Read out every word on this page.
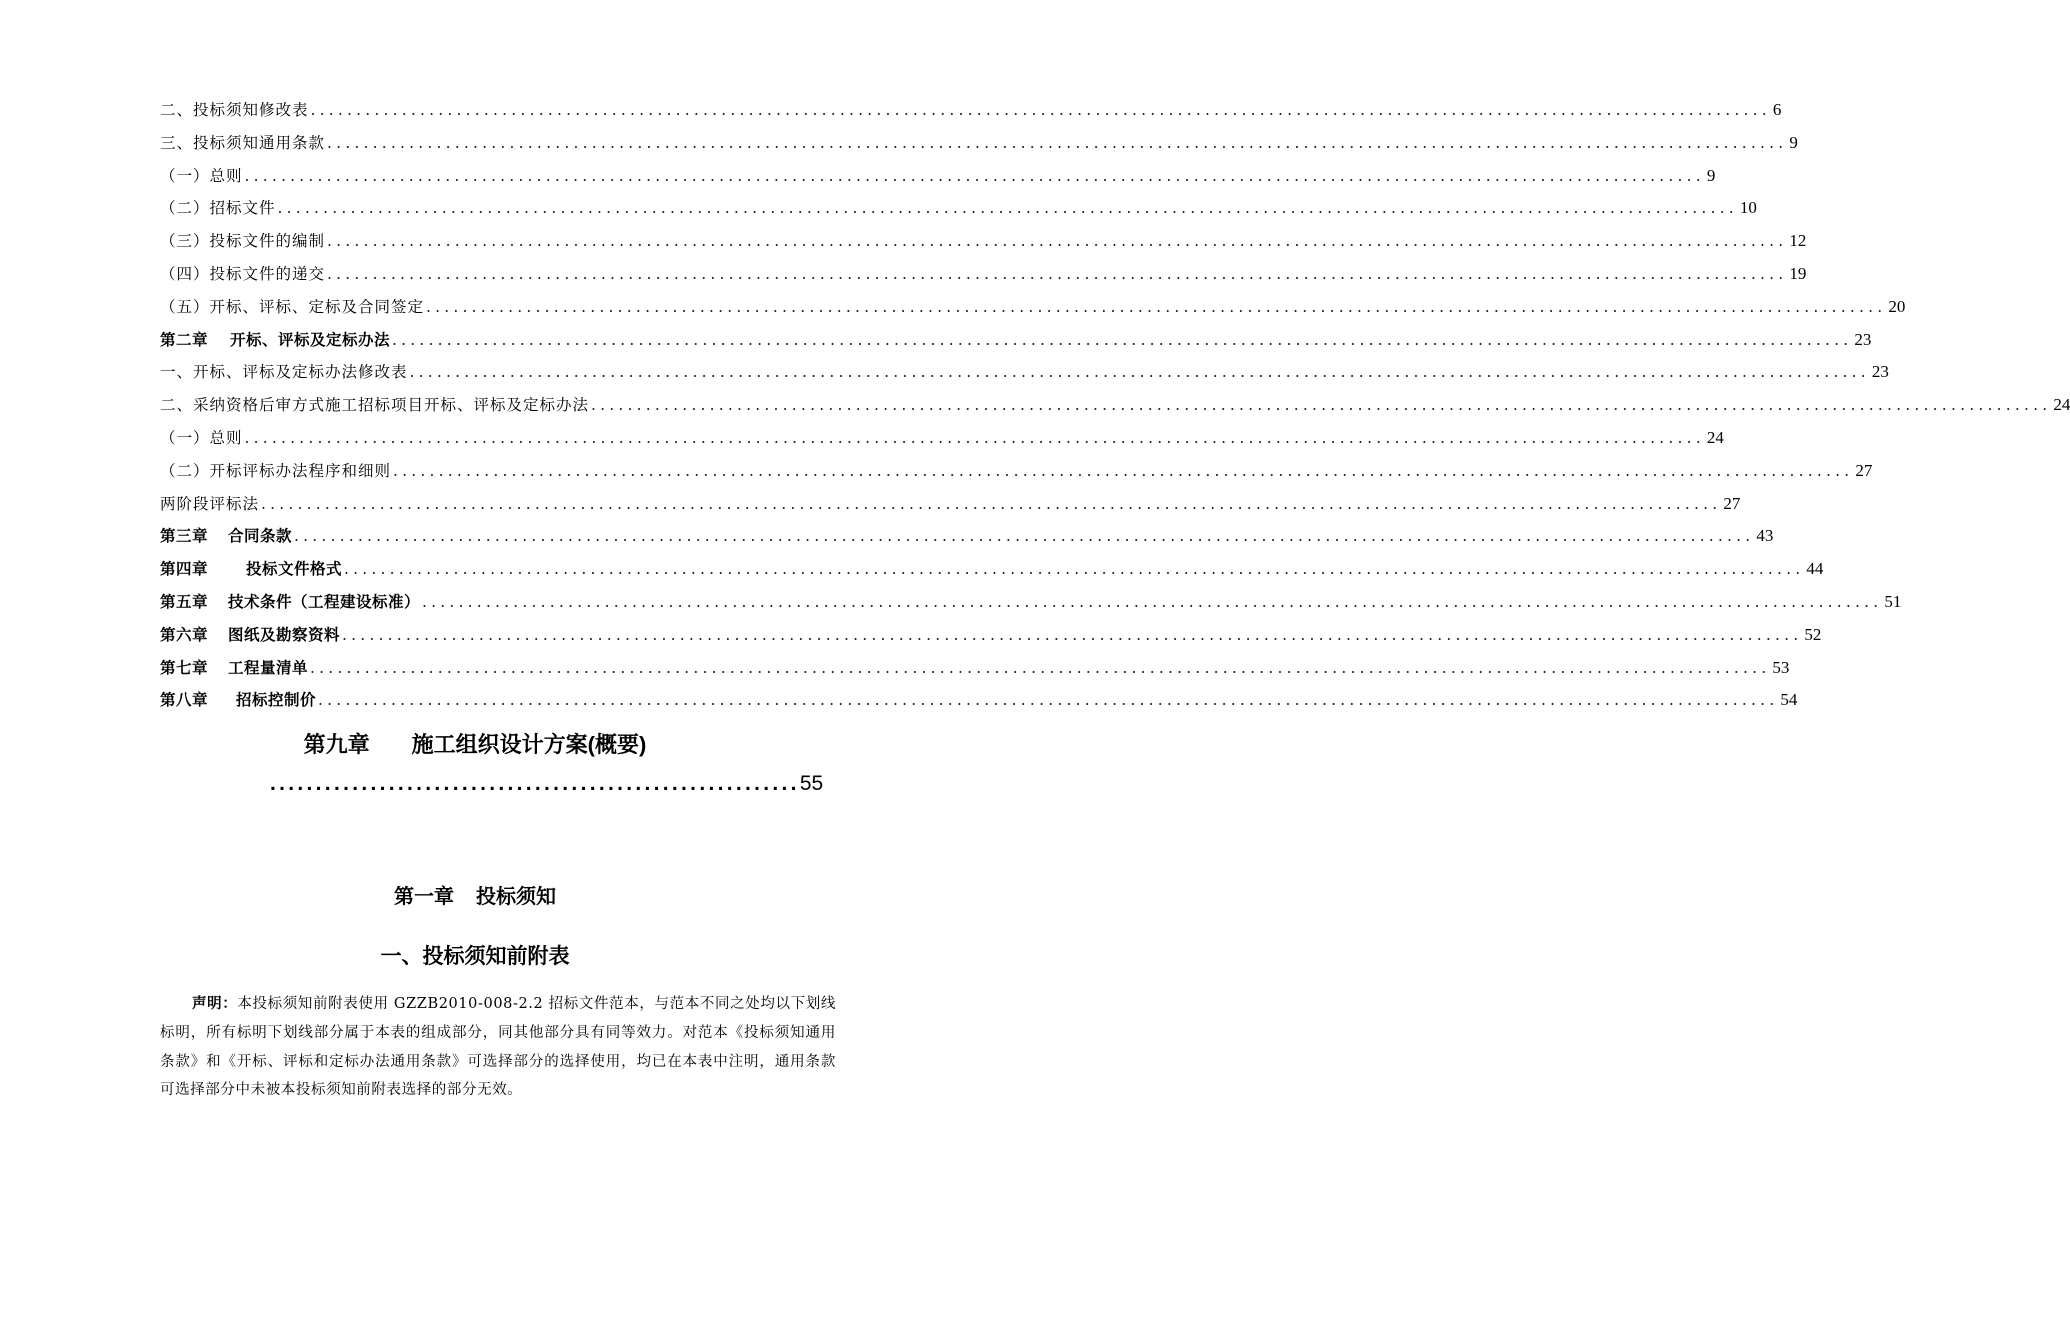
二、投标须知修改表 ................................................................................................................................................................ 6
三、投标须知通用条款 ................................................................................................................................................................ 9
（一）总则 ................................................................................................................................................................ 9
（二）招标文件 ................................................................................................................................................................ 10
（三）投标文件的编制 ................................................................................................................................................................ 12
（四）投标文件的递交 ................................................................................................................................................................ 19
（五）开标、评标、定标及合同签定 ................................................................................................................................................................ 20
第二章 开标、评标及定标办法 ................................................................................................................................................................ 23
一、开标、评标及定标办法修改表 ................................................................................................................................................................ 23
二、采纳资格后审方式施工招标项目开标、评标及定标办法 ................................................................................................................................................................ 24
（一）总则 ................................................................................................................................................................ 24
（二）开标评标办法程序和细则 ................................................................................................................................................................ 27
两阶段评标法 ................................................................................................................................................................ 27
第三章 合同条款 ................................................................................................................................................................ 43
第四章 投标文件格式 ................................................................................................................................................................ 44
第五章 技术条件（工程建设标准） ................................................................................................................................................................ 51
第六章 图纸及勘察资料 ................................................................................................................................................................ 52
第七章 工程量清单 ................................................................................................................................................................ 53
第八章 招标控制价 ................................................................................................................................................................ 54
第九章 施工组织设计方案(概要)
.......................................................... 55
第一章 投标须知
一、投标须知前附表
声明：本投标须知前附表使用 GZZB2010-008-2.2 招标文件范本，与范本不同之处均以下划线标明，所有标明下划线部分属于本表的组成部分，同其他部分具有同等效力。对范本《投标须知通用条款》和《开标、评标和定标办法通用条款》可选择部分的选择使用，均已在本表中注明，通用条款可选择部分中未被本投标须知前附表选择的部分无效。
